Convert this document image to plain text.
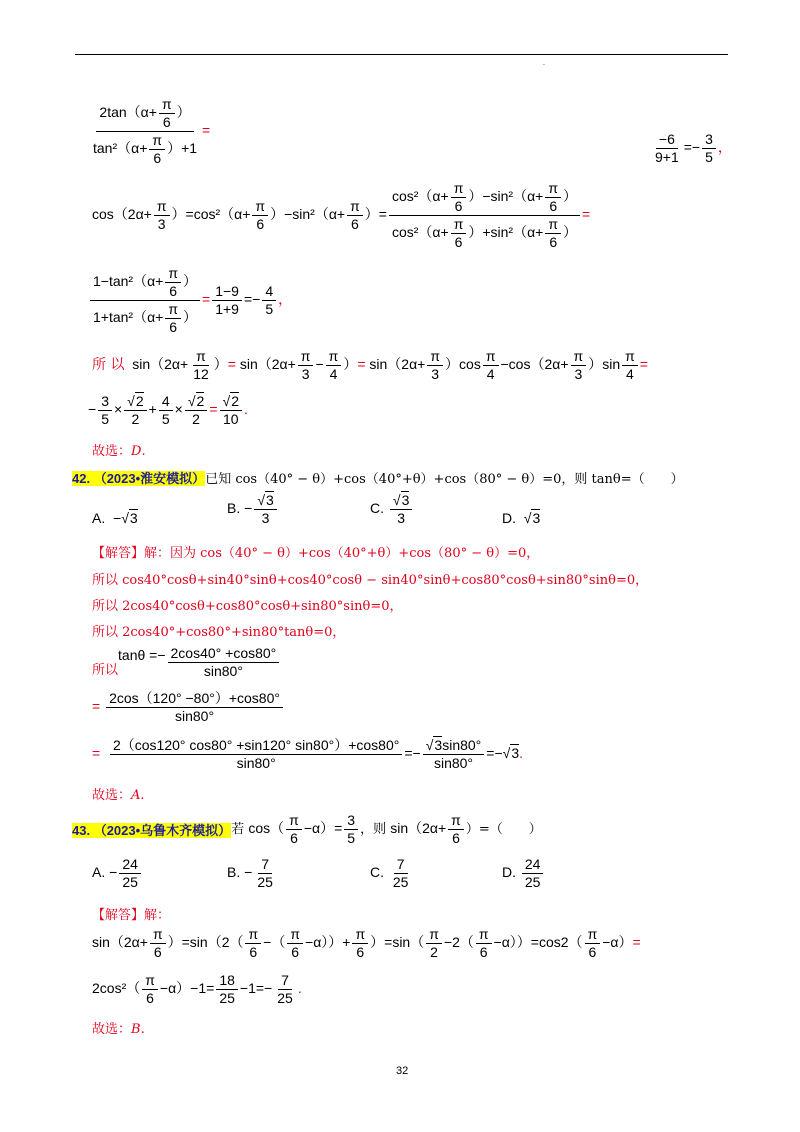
.
$\frac{2\tan(\alpha+ \frac{\pi}{6} )}{\tan^2(\alpha+ \frac{\pi}{6} )+1}$ =
$\frac{-6}{9+1} =- \frac{3}{5}$ ，
$\cos(2\alpha+ \frac{\pi}{3} )=\cos^2(\alpha+ \frac{\pi}{6} )-\sin^2(\alpha+ \frac{\pi}{6}$ ）= $\frac{\cos^2(\alpha+ \frac{\pi}{6} )-\sin^2(\alpha+ \frac{\pi}{6} )}{\cos^2(\alpha+ \frac{\pi}{6} )+\sin^2(\alpha+ \frac{\pi}{6} )}$ =
$\frac{1-\tan^2(\alpha+ \frac{\pi}{6} )}{1+\tan^2(\alpha+ \frac{\pi}{6} )} = \frac{1-9}{1+9} =- \frac{4}{5}$ ，
所 以 $\sin(2\alpha+ \frac{\pi}{12}$ ）= $\sin(2\alpha+ \frac{\pi}{3} - \frac{\pi}{4}$ ）= $\sin(2\alpha+ \frac{\pi}{3} )\cos \frac{\pi}{4} -\cos(2\alpha+ \frac{\pi}{3} )\sin \frac{\pi}{4}$ =
− $\frac{3}{5}$ × √ $\frac{2}{2} + \frac{4}{5}$ × √ $\frac{2}{2}$ = √ $\frac{2}{10}$ .
故选：D.
42. （2023•淮安模拟）已知 cos（40° − θ）+cos（40°+θ）+cos（80° − θ）=0，则 tanθ=（　　）
A.  − √ 3
B. − √ $\frac{3}{3}$	C. √ $\frac{3}{3}$	D. √ 3
【解答】解：因为 cos（40° − θ）+cos（40°+θ）+cos（80° − θ）=0，
所以 cos40°cosθ+sin40°sinθ+cos40°cosθ − sin40°sinθ+cos80°cosθ+sin80°sinθ=0，
所以 2cos40°cosθ+cos80°cosθ+sin80°sinθ=0，
所以 2cos40°+cos80°+sin80°tanθ=0，
所以$\tan\theta =- \frac{2\cos 40^\circ +\cos 80^\circ}{\sin 80^\circ}$
= $\frac{2\cos(120^\circ -80^\circ)+\cos 80^\circ}{\sin 80^\circ}$
= $\frac{2(\cos 120^\circ \cos 80^\circ +\sin 120^\circ \sin 80^\circ)+\cos 80^\circ}{\sin 80^\circ}$ =− √ $\frac{3\sin 80^\circ}{\sin 80^\circ}$ =− √ 3.
故选：A.
43. （2023•乌鲁木齐模拟）若 $\cos( \frac{\pi}{6} -\alpha)= \frac{3}{5}$ ，则 $\sin(2\alpha+ \frac{\pi}{6}$ ）=（　　）
A. − $\frac{24}{25}$	B. − $\frac{7}{25}$	C. $\frac{7}{25}$	D. $\frac{24}{25}$
【解答】解：
$\sin(2\alpha+ \frac{\pi}{6} )=\sin(2( \frac{\pi}{6}$ −（ $\frac{\pi}{6} -\alpha))+ \frac{\pi}{6} )=\sin( \frac{\pi}{2} -2( \frac{\pi}{6} -\alpha))=\cos 2( \frac{\pi}{6} -\alpha)=$
$2\cos^2( \frac{\pi}{6} -\alpha)-1= \frac{18}{25} -1=- \frac{7}{25}$ .
故选：B.
32
